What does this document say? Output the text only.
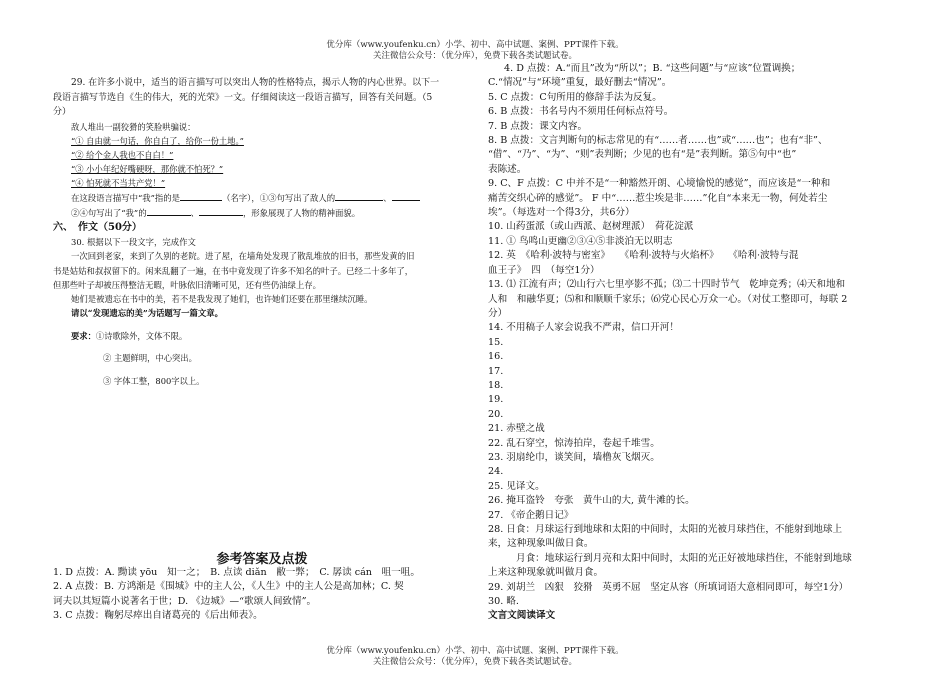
优分库（www.youfenku.cn）小学、初中、高中试题、案例、PPT课件下载。
关注微信公众号：（优分库），免费下载各类试题试卷。

29. 在许多小说中，适当的语言描写可以突出人物的性格特点，揭示人物的内心世界。以下一

段语言描写节选自《生的伟大，死的光荣》一文。仔细阅读这一段语言描写，回答有关问题。（5

分）

敌人堆出一副狡猾的笑脸哄骗说：

“① 自由就一句话，你自白了，给你一份土地。”

“② 给个金人我也不自白！”

“③ 小小年纪好嘴硬呀，那你就不怕死？”

“④ 怕死就不当共产党！”

在这段语言描写中“我”指的是	（名字），①③句写出了敌人的	、

②④句写出了“我”的	、	，形象展现了人物的精神面貌。

六、　作文（50分）

30. 根据以下一段文字，完成作文

一次回到老家，来到了久别的老院。进了屋，在墙角处发现了散乱堆放的旧书，那些发黄的旧

书是姑姑和叔叔留下的。闲来乱翻了一遍，在书中竟发现了许多不知名的叶子。已经二十多年了，

但那些叶子却被压得整洁无暇，叶脉依旧清晰可见，还有些仍油绿上存。

她们是被遗忘在书中的美，若不是我发现了她们，也许她们还要在那里继续沉睡。

请以“发现遗忘的美”为话题写一篇文章。

要求：①诗歌除外，文体不限。

② 主题鲜明，中心突出。

③ 字体工整，800字以上。

参考答案及点拨

1. D 点拨：A. 黝读 yōu　知一之；　B. 点读 diǎn　敝一弊；　C. 孱读 cán　咀一咀。

2. A 点拨：B. 方鸿渐是《围城》中的主人公，《人生》中的主人公是高加林；C. 契

诃夫以其短篇小说著名于世；D. 《边城》—“歌颂人间致情”。

3. C 点拨：鞠躬尽瘁出自诸葛亮的《后出师表》。

4. D 点拨：A.“而且”改为“所以”；B. “这些问题”与“应该”位置调换；

C.“情况”与“环境”重复，最好删去“情况”。

5. C 点拨：C句所用的修辞手法为反复。

6. B 点拨：书名号内不须用任何标点符号。

7. B 点拨：课文内容。

8. B 点拨：文言判断句的标志常见的有“……者……也”或“……也”；也有“非”、

“借”、“乃”、“为”、“则”表判断；少见的也有“是”表判断。第⑤句中“也”

表陈述。

9. C、F 点拨：C 中并不是“一种豁然开朗、心境愉悦的感觉”，而应该是“一种和

痛苦交织心碎的感觉”。 F 中“……惹尘埃是非……”化自“本来无一物，何处若尘

埃”。（每选对一个得3分，共6分）

10. 山药蛋派（或山西派、赵树理派）　荷花淀派

11. ① 鸟鸣山更幽②③④⑤非淡泊无以明志

12. 英　《哈利·波特与密室》　　《哈利·波特与火焰杯》　　《哈利·波特与混

血王子》　四　（每空1分）

13. ⑴ 江流有声；⑵山行六七里亭影不孤；⑶二十四时节气　乾坤竞秀；⑷天和地和

人和　和融华夏；⑸和和顺顺千家乐；⑹党心民心万众一心。（对仗工整即可，每联 2

分）

14. 不用稿子人家会说我不严肃，信口开河！

15.

16.

17.

18.

19.

20.

21. 赤壁之战

22. 乱石穿空，惊涛拍岸，卷起千堆雪。

23. 羽扇纶巾，谈笑间，墙橹灰飞烟灭。

24.

25. 见译文。

26. 掩耳盗铃　夸张　黄牛山的大, 黄牛滩的长。

27. 《帝企鹅日记》

28. 日食：月球运行到地球和太阳的中间时，太阳的光被月球挡住，不能射到地球上

来，这种现象叫做日食。

月食：地球运行到月亮和太阳中间时，太阳的光正好被地球挡住，不能射到地球

上来这种现象就叫做月食。

29. 刘胡兰　凶狠　狡猾　英勇不屈　坚定从容（所填词语大意相同即可，每空1分）

30. 略.

文言文阅读译文

优分库（www.youfenku.cn）小学、初中、高中试题、案例、PPT课件下载。
关注微信公众号：（优分库），免费下载各类试题试卷。
